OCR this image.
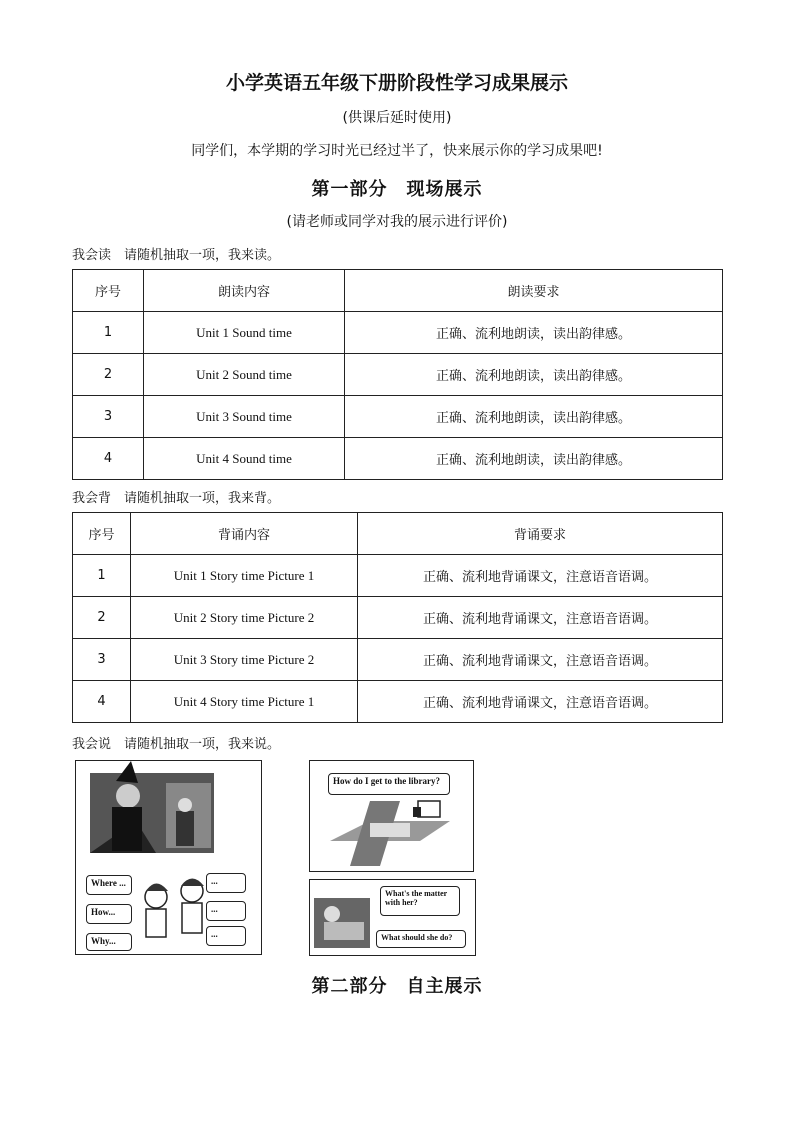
小学英语五年级下册阶段性学习成果展示
(供课后延时使用)
同学们，本学期的学习时光已经过半了，快来展示你的学习成果吧!
第一部分　现场展示
(请老师或同学对我的展示进行评价)
我会读　请随机抽取一项，我来读。
序号	朗读内容	朗读要求
1	Unit 1 Sound time	正确、流利地朗读，读出韵律感。
2	Unit 2 Sound time	正确、流利地朗读，读出韵律感。
3	Unit 3 Sound time	正确、流利地朗读，读出韵律感。
4	Unit 4 Sound time	正确、流利地朗读，读出韵律感。
我会背　请随机抽取一项，我来背。
序号	背诵内容	背诵要求
1	Unit 1 Story time Picture 1	正确、流利地背诵课文，注意语音语调。
2	Unit 2 Story time Picture 2	正确、流利地背诵课文，注意语音语调。
3	Unit 3 Story time Picture 2	正确、流利地背诵课文，注意语音语调。
4	Unit 4 Story time Picture 1	正确、流利地背诵课文，注意语音语调。
我会说　请随机抽取一项，我来说。
Where ...
How...
Why...
...
...
...
How do I get to the library?
What's the matter with her?
What should she do?
第二部分　自主展示
